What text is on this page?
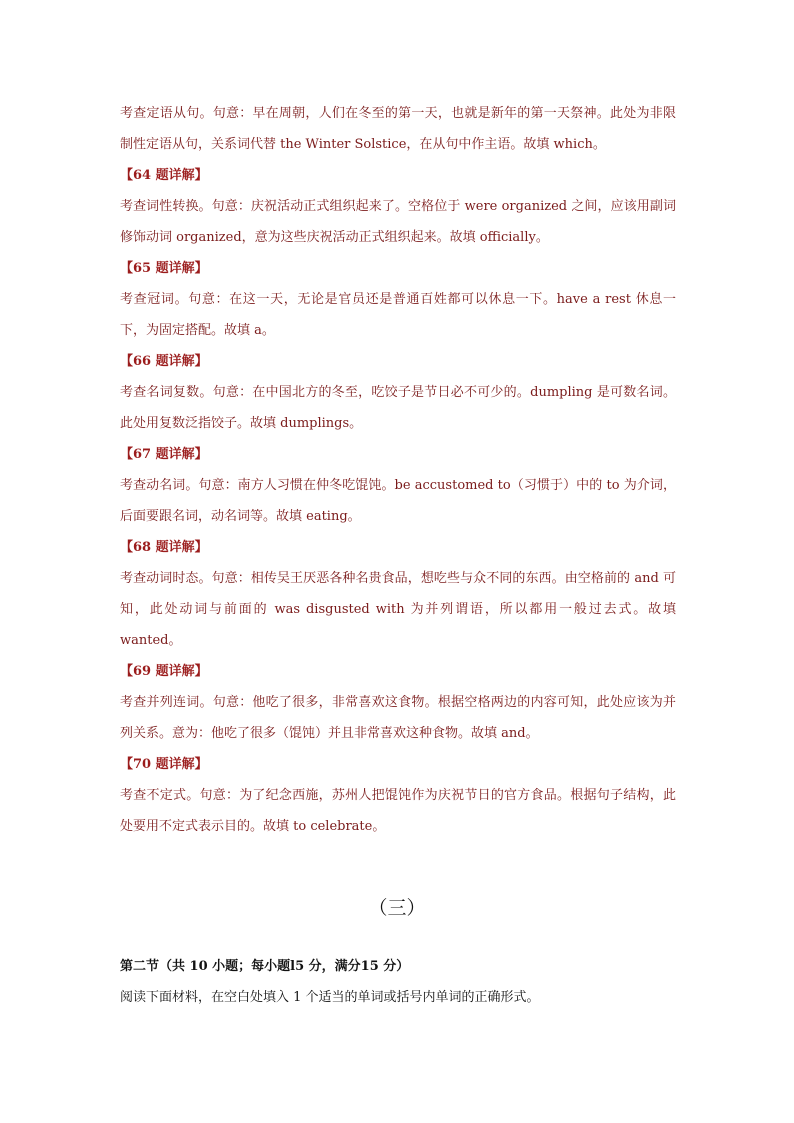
考查定语从句。句意：早在周朝，人们在冬至的第一天，也就是新年的第一天祭神。此处为非限制性定语从句，关系词代替 the Winter Solstice，在从句中作主语。故填 which。

【64 题详解】

考查词性转换。句意：庆祝活动正式组织起来了。空格位于 were organized 之间，应该用副词修饰动词 organized，意为这些庆祝活动正式组织起来。故填 officially。

【65 题详解】

考查冠词。句意：在这一天，无论是官员还是普通百姓都可以休息一下。have a rest 休息一下，为固定搭配。故填 a。

【66 题详解】

考查名词复数。句意：在中国北方的冬至，吃饺子是节日必不可少的。dumpling 是可数名词。此处用复数泛指饺子。故填 dumplings。

【67 题详解】

考查动名词。句意：南方人习惯在仲冬吃馄饨。be accustomed to（习惯于）中的 to 为介词，后面要跟名词，动名词等。故填 eating。

【68 题详解】

考查动词时态。句意：相传吴王厌恶各种名贵食品，想吃些与众不同的东西。由空格前的 and 可知，此处动词与前面的 was disgusted with 为并列谓语，所以都用一般过去式。故填 wanted。

【69 题详解】

考查并列连词。句意：他吃了很多，非常喜欢这食物。根据空格两边的内容可知，此处应该为并列关系。意为：他吃了很多（馄饨）并且非常喜欢这种食物。故填 and。

【70 题详解】

考查不定式。句意：为了纪念西施，苏州人把馄饨作为庆祝节日的官方食品。根据句子结构，此处要用不定式表示目的。故填 to celebrate。

（三）
第二节（共 10 小题；每小题l5 分，满分15 分）
阅读下面材料，在空白处填入 1 个适当的单词或括号内单词的正确形式。
